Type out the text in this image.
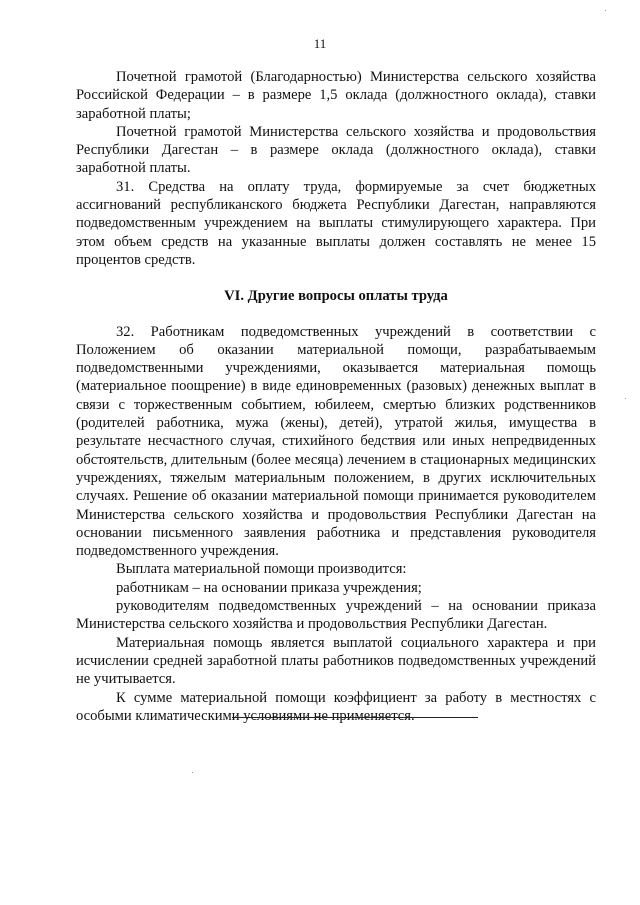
11

Почетной грамотой (Благодарностью) Министерства сельского хозяйства Российской Федерации – в размере 1,5 оклада (должностного оклада), ставки заработной платы;

Почетной грамотой Министерства сельского хозяйства и продовольствия Республики Дагестан – в размере оклада (должностного оклада), ставки заработной платы.

31. Средства на оплату труда, формируемые за счет бюджетных ассигнований республиканского бюджета Республики Дагестан, направляются подведомственным учреждением на выплаты стимулирующего характера. При этом объем средств на указанные выплаты должен составлять не менее 15 процентов средств.

VI. Другие вопросы оплаты труда

32. Работникам подведомственных учреждений в соответствии с Положением об оказании материальной помощи, разрабатываемым подведомственными учреждениями, оказывается материальная помощь (материальное поощрение) в виде единовременных (разовых) денежных выплат в связи с торжественным событием, юбилеем, смертью близких родственников (родителей работника, мужа (жены), детей), утратой жилья, имущества в результате несчастного случая, стихийного бедствия или иных непредвиденных обстоятельств, длительным (более месяца) лечением в стационарных медицинских учреждениях, тяжелым материальным положением, в других исключительных случаях. Решение об оказании материальной помощи принимается руководителем Министерства сельского хозяйства и продовольствия Республики Дагестан на основании письменного заявления работника и представления руководителя подведомственного учреждения.

Выплата материальной помощи производится:

работникам – на основании приказа учреждения;

руководителям подведомственных учреждений – на основании приказа Министерства сельского хозяйства и продовольствия Республики Дагестан.

Материальная помощь является выплатой социального характера и при исчислении средней заработной платы работников подведомственных учреждений не учитывается.

К сумме материальной помощи коэффициент за работу в местностях с особыми климатическими условиями не применяется.
